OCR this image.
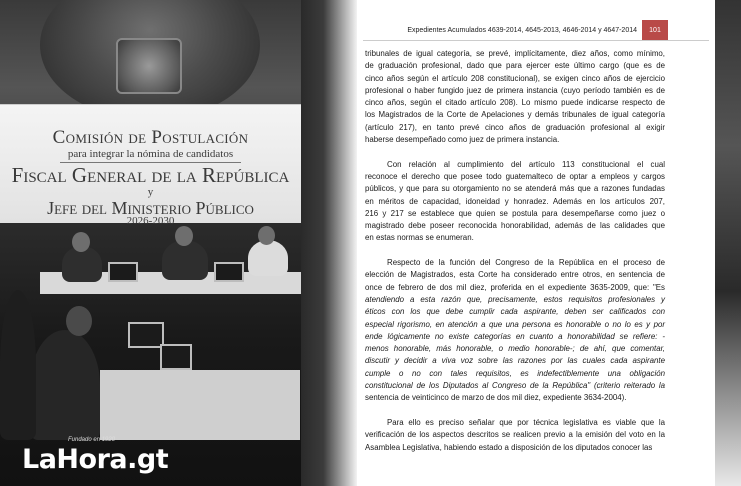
Comisión de Postulación
para integrar la nómina de candidatos
Fiscal General de la República
y
Jefe del Ministerio Público
2026-2030
Fundado en 1920
LaHora.gt
Expedientes Acumulados 4639-2014, 4645-2013, 4646-2014 y 4647-2014	101
tribunales de igual categoría, se prevé, implícitamente, diez años, como mínimo,
de graduación profesional, dado que para ejercer este último cargo (que es de
cinco años según el artículo 208 constitucional), se exigen cinco años de ejercicio
profesional o haber fungido juez de primera instancia (cuyo período también es de
cinco años, según el citado artículo 208). Lo mismo puede indicarse respecto de
los Magistrados de la Corte de Apelaciones y demás tribunales de igual categoría
(artículo 217), en tanto prevé cinco años de graduación profesional al exigir
haberse desempeñado como juez de primera instancia.
Con relación al cumplimiento del artículo 113 constitucional el cual
reconoce el derecho que posee todo guatemalteco de optar a empleos y cargos
públicos, y que para su otorgamiento no se atenderá más que a razones fundadas
en méritos de capacidad, idoneidad y honradez. Además en los artículos 207,
216 y 217 se establece que quien se postula para desempeñarse como juez o
magistrado debe poseer reconocida honorabilidad, además de las calidades que
en estas normas se enumeran.
Respecto de la función del Congreso de la República en el proceso de
elección de Magistrados, esta Corte ha considerado entre otros, en sentencia de
once de febrero de dos mil diez, proferida en el expediente 3635-2009, que: "Es
atendiendo a esta razón que, precisamente, estos requisitos profesionales y
éticos con los que debe cumplir cada aspirante, deben ser calificados con
especial rigorismo, en atención a que una persona es honorable o no lo es y por
ende lógicamente no existe categorías en cuanto a honorabilidad se refiere: -
menos honorable, más honorable, o medio honorable-; de ahí, que comentar,
discutir y decidir a viva voz sobre las razones por las cuales cada aspirante
cumple o no con tales requisitos, es indefectiblemente una obligación
constitucional de los Diputados al Congreso de la República" (criterio reiterado la
sentencia de veinticinco de marzo de dos mil diez, expediente 3634-2004).
Para ello es preciso señalar que por técnica legislativa es viable que la
verificación de los aspectos descritos se realicen previo a la emisión del voto en la
Asamblea Legislativa, habiendo estado a disposición de los diputados conocer las
